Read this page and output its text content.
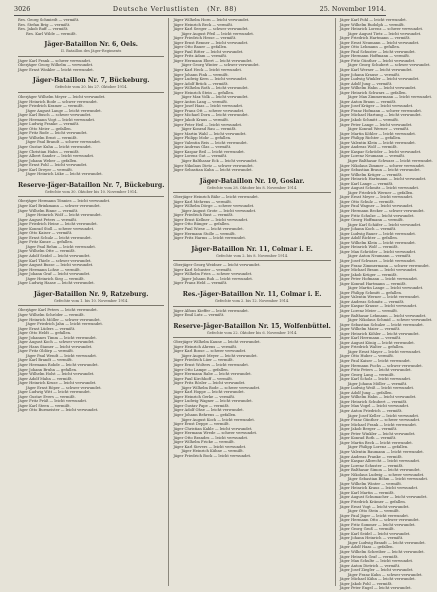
3026	Deutsche Verlustlisten (Nr. 88)	25. November 1914.
Res. Georg Schmiedt — vermißt.
Res. Stefan Brig — vermißt.
Res. Jakob Ruff — vermißt.
Res. Karl Wilde — vermißt.
Jäger-Bataillon Nr. 6, Oels.
II. Bataillon des Jäger-Regiments
Jäger Karl Frank — schwer verwundet.
Oberjäger Georg Wilhelm — verwundet.
Jäger Ernst Winkler — leicht verwundet.
Jäger-Bataillon Nr. 7, Bückeburg.
Gefechte vom 20. bis 27. Oktober 1914.
Oberjäger Wilhelm Meyer — leicht verwundet.
Jäger Heinrich Bode — schwer verwundet.
Jäger Friedrich Kramer — vermißt.
Jäger August Lange — leicht verwundet.
Jäger Karl Busch — schwer verwundet.
Jäger Hermann Vogt — leicht verwundet.
Jäger Ludwig Franke — vermißt.
Jäger Otto Meier — gefallen.
Jäger Fritz Rode — leicht verwundet.
Jäger Wilhelm Ernst — vermißt.
Jäger Paul Brandt — schwer verwundet.
Jäger Gustav Kuhn — leicht verwundet.
Jäger Christian Hahn — vermißt.
Jäger Albert Sander — leicht verwundet.
Jäger Johann Weber — gefallen.
Jäger Ernst Pohl — leicht verwundet.
Jäger Karl Dreyer — vermißt.
Jäger Heinrich Lüke — leicht verwundet.
Reserve-Jäger-Bataillon Nr. 7, Bückeburg.
Gefechte vom 30. Oktober bis 10. November 1914.
Oberjäger Hermann Tönnies — leicht verwundet.
Jäger Karl Brinkmann — schwer verwundet.
Jäger Wilhelm Rinne — vermißt.
Jäger Heinrich Wolf — leicht verwundet.
Jäger August Peters — vermißt.
Jäger Friedrich Heine — leicht verwundet.
Jäger Konrad Stoll — schwer verwundet.
Jäger Otto Kaiser — vermißt.
Jäger Ernst Schulz — leicht verwundet.
Jäger Fritz Kunze — gefallen.
Jäger Paul Rehm — leicht verwundet.
Jäger Wilhelm Otte — vermißt.
Jäger Adolf Seidel — leicht verwundet.
Jäger Karl Thiele — schwer verwundet.
Jäger August Busse — leicht verwundet.
Jäger Hermann Lohse — vermißt.
Jäger Johann Graf — leicht verwundet.
Jäger Heinrich Sieg — vermißt.
Jäger Ludwig Haase — leicht verwundet.
Jäger-Bataillon Nr. 9, Ratzeburg.
Gefechte vom 1. bis 10. November 1914.
Oberjäger Karl Peters — leicht verwundet.
Jäger Wilhelm Schröder — vermißt.
Jäger Heinrich Möller — schwer verwundet.
Jäger Friedrich Jahn — leicht verwundet.
Jäger Ernst Lüders — vermißt.
Jäger Otto Heldt — gefallen.
Jäger Johannes Timm — leicht verwundet.
Jäger August Koch — schwer verwundet.
Jäger Hans Stamer — leicht verwundet.
Jäger Fritz Oldörp — vermißt.
Jäger Paul Wendt — leicht verwundet.
Jäger Karl Brandt — vermißt.
Jäger Hermann Rohde — leicht verwundet.
Jäger Johann Bruhn — gefallen.
Jäger Wilhelm Holst — leicht verwundet.
Jäger Adolf Mahn — vermißt.
Jäger Heinrich Kruse — leicht verwundet.
Jäger Ernst Röper — schwer verwundet.
Jäger Ludwig Witt — leicht verwundet.
Jäger Gustav Evers — vermißt.
Jäger Fritz Prüß — leicht verwundet.
Jäger Karl Steen — vermißt.
Jäger Otto Burmeister — leicht verwundet.
Jäger Wilhelm Horn — leicht verwundet.
Jäger Heinrich Beck — vermißt.
Jäger Karl Seeger — schwer verwundet.
Jäger August Pfeil — leicht verwundet.
Jäger Friedrich Hesse — vermißt.
Jäger Ernst Renner — leicht verwundet.
Jäger Otto Bauer — gefallen.
Jäger Paul Ritter — leicht verwundet.
Jäger Fritz Adam — vermißt.
Jäger Hermann Ebert — leicht verwundet.
Jäger Georg Winter — schwer verwundet.
Jäger Karl Heck — leicht verwundet.
Jäger Johann Fink — vermißt.
Jäger Ludwig Kern — leicht verwundet.
Jäger Adolf Brück — vermißt.
Jäger Wilhelm Roth — leicht verwundet.
Jäger Heinrich Stein — gefallen.
Jäger Max Volk — leicht verwundet.
Jäger Anton Lang — vermißt.
Jäger Josef Haas — leicht verwundet.
Jäger Franz Ott — schwer verwundet.
Jäger Michael Dorn — leicht verwundet.
Jäger Jakob Kraus — vermißt.
Jäger Peter Heil — leicht verwundet.
Jäger Konrad Rau — vermißt.
Jäger Martin Wahl — leicht verwundet.
Jäger Philipp Mohr — gefallen.
Jäger Valentin Reis — leicht verwundet.
Jäger Andreas Glas — vermißt.
Jäger Kaspar Beil — leicht verwundet.
Jäger Lorenz Gut — vermißt.
Jäger Balthasar Eck — leicht verwundet.
Jäger Nikolaus Dietz — schwer verwundet.
Jäger Sebastian Kuhn — leicht verwundet.
Jäger-Bataillon Nr. 10, Goslar.
Gefechte vom 28. Oktober bis 8. November 1914.
Oberjäger Heinrich Bähr — leicht verwundet.
Jäger Karl Mehrens — vermißt.
Jäger Wilhelm Dörge — schwer verwundet.
Jäger August Grote — leicht verwundet.
Jäger Friedrich Rust — vermißt.
Jäger Ernst Kellner — leicht verwundet.
Jäger Otto Bünger — gefallen.
Jäger Paul Wiese — leicht verwundet.
Jäger Hermann Stolle — vermißt.
Jäger Fritz Harms — leicht verwundet.
Jäger-Bataillon Nr. 11, Colmar i. E.
Gefechte vom 2. bis 8. November 1914.
Oberjäger Georg Weidner — leicht verwundet.
Jäger Karl Schuster — vermißt.
Jäger Wilhelm Fries — schwer verwundet.
Jäger Johann Ruh — leicht verwundet.
Jäger Franz Held — vermißt.
Res.-Jäger-Bataillon Nr. 11, Colmar i. E.
Gefechte vom 2. bis 12. November 1914.
Jäger Alfons Kieffer — leicht verwundet.
Jäger Emil Lutz — vermißt.
Reserve-Jäger-Bataillon Nr. 15, Wolfenbüttel.
Gefechte vom 22. Oktober bis 6. November 1914.
Oberjäger Wilhelm Kaune — leicht verwundet.
Jäger Heinrich Ahrens — vermißt.
Jäger Karl Bosse — schwer verwundet.
Jäger August Meyer — leicht verwundet.
Jäger Friedrich Lüer — vermißt.
Jäger Ernst Wolters — leicht verwundet.
Jäger Otto Lampe — gefallen.
Jäger Hermann Rabe — leicht verwundet.
Jäger Paul Kirchhoff — vermißt.
Jäger Fritz Rösler — leicht verwundet.
Jäger Wilhelm Bode — schwer verwundet.
Jäger Karl Hoppe — leicht verwundet.
Jäger Heinrich Gerke — vermißt.
Jäger Ludwig Wagner — leicht verwundet.
Jäger Gustav Pape — vermißt.
Jäger Adolf Ohse — leicht verwundet.
Jäger Johann Behrens — gefallen.
Jäger August Koch — leicht verwundet.
Jäger Ernst Deppe — vermißt.
Jäger Christian Kahle — leicht verwundet.
Jäger Hermann Wrede — schwer verwundet.
Jäger Otto Brandes — leicht verwundet.
Jäger Wilhelm Fricke — vermißt.
Jäger Karl Sievers — leicht verwundet.
Jäger Heinrich Kühne — vermißt.
Jäger Friedrich Bock — leicht verwundet.
Jäger Karl Pohl — leicht verwundet.
Jäger Wilhelm Rudolph — vermißt.
Jäger Heinrich Lorenz — schwer verwundet.
Jäger August Tietz — leicht verwundet.
Jäger Friedrich Hartmann — vermißt.
Jäger Ernst Neumann — leicht verwundet.
Jäger Otto Lehmann — gefallen.
Jäger Paul Schuster — leicht verwundet.
Jäger Hermann Hoffmann — vermißt.
Jäger Fritz Günther — leicht verwundet.
Jäger Georg Schubert — schwer verwundet.
Jäger Karl Werner — leicht verwundet.
Jäger Johann Krause — vermißt.
Jäger Ludwig Winkler — leicht verwundet.
Jäger Adolf Jung — vermißt.
Jäger Wilhelm Hahn — leicht verwundet.
Jäger Heinrich Schwarz — gefallen.
Jäger Max Zimmermann — leicht verwundet.
Jäger Anton Braun — vermißt.
Jäger Josef Krüger — leicht verwundet.
Jäger Franz Hofmann — schwer verwundet.
Jäger Michael Hartung — leicht verwundet.
Jäger Jakob Schmitt — vermißt.
Jäger Peter Lange — leicht verwundet.
Jäger Konrad Werner — vermißt.
Jäger Martin Köhler — leicht verwundet.
Jäger Philipp Richter — gefallen.
Jäger Valentin Klein — leicht verwundet.
Jäger Andreas Wolf — vermißt.
Jäger Kaspar Schröder — leicht verwundet.
Jäger Lorenz Neumann — vermißt.
Jäger Balthasar Schwarz — leicht verwundet.
Jäger Nikolaus Zimmer — schwer verwundet.
Jäger Sebastian Braun — leicht verwundet.
Jäger Wilhelm Krüger — vermißt.
Jäger Heinrich Hartmann — leicht verwundet.
Jäger Karl Lange — vermißt.
Jäger August Schmitz — leicht verwundet.
Jäger Friedrich Werner — gefallen.
Jäger Ernst Meyer — leicht verwundet.
Jäger Otto Schulz — vermißt.
Jäger Paul Wagner — leicht verwundet.
Jäger Hermann Becker — schwer verwundet.
Jäger Fritz Schulze — leicht verwundet.
Jäger Georg Hoffmann — vermißt.
Jäger Karl Schäfer — leicht verwundet.
Jäger Johann Koch — vermißt.
Jäger Ludwig Bauer — leicht verwundet.
Jäger Adolf Richter — gefallen.
Jäger Wilhelm Klein — leicht verwundet.
Jäger Heinrich Wolf — vermißt.
Jäger Max Schröder — leicht verwundet.
Jäger Anton Neumann — vermißt.
Jäger Josef Schwarz — leicht verwundet.
Jäger Franz Zimmermann — schwer verwundet.
Jäger Michael Braun — leicht verwundet.
Jäger Jakob Krüger — vermißt.
Jäger Peter Hofmann — leicht verwundet.
Jäger Konrad Hartmann — vermißt.
Jäger Martin Lange — leicht verwundet.
Jäger Philipp Schmitt — gefallen.
Jäger Valentin Werner — leicht verwundet.
Jäger Andreas Schmitz — vermißt.
Jäger Kaspar Krause — leicht verwundet.
Jäger Lorenz Meier — vermißt.
Jäger Balthasar Lehmann — leicht verwundet.
Jäger Nikolaus Schmid — schwer verwundet.
Jäger Sebastian Schulze — leicht verwundet.
Jäger Wilhelm Maier — vermißt.
Jäger Heinrich Köhler — leicht verwundet.
Jäger Karl Herrmann — vermißt.
Jäger August König — leicht verwundet.
Jäger Friedrich Walter — gefallen.
Jäger Ernst Mayer — leicht verwundet.
Jäger Otto Huber — vermißt.
Jäger Paul Kaiser — leicht verwundet.
Jäger Hermann Fuchs — schwer verwundet.
Jäger Fritz Peters — leicht verwundet.
Jäger Georg Lang — vermißt.
Jäger Karl Scholz — leicht verwundet.
Jäger Johann Möller — vermißt.
Jäger Ludwig Weiß — leicht verwundet.
Jäger Adolf Jung — gefallen.
Jäger Wilhelm Hahn — leicht verwundet.
Jäger Heinrich Schubert — vermißt.
Jäger Max Vogel — leicht verwundet.
Jäger Anton Friedrich — vermißt.
Jäger Josef Keller — leicht verwundet.
Jäger Franz Günther — schwer verwundet.
Jäger Michael Frank — leicht verwundet.
Jäger Jakob Berger — vermißt.
Jäger Peter Winkler — leicht verwundet.
Jäger Konrad Roth — vermißt.
Jäger Martin Beck — leicht verwundet.
Jäger Philipp Lorenz — gefallen.
Jäger Valentin Baumann — leicht verwundet.
Jäger Andreas Franke — vermißt.
Jäger Kaspar Albrecht — leicht verwundet.
Jäger Lorenz Schuster — vermißt.
Jäger Balthasar Simon — leicht verwundet.
Jäger Nikolaus Ludwig — schwer verwundet.
Jäger Sebastian Böhm — leicht verwundet.
Jäger Wilhelm Winter — vermißt.
Jäger Heinrich Kraus — leicht verwundet.
Jäger Karl Martin — vermißt.
Jäger August Schumacher — leicht verwundet.
Jäger Friedrich Krämer — gefallen.
Jäger Ernst Vogt — leicht verwundet.
Jäger Otto Stein — vermißt.
Jäger Paul Jäger — leicht verwundet.
Jäger Hermann Otto — schwer verwundet.
Jäger Fritz Sommer — leicht verwundet.
Jäger Georg Groß — vermißt.
Jäger Karl Seidel — leicht verwundet.
Jäger Johann Heinrich — vermißt.
Jäger Ludwig Brandt — leicht verwundet.
Jäger Adolf Haas — gefallen.
Jäger Wilhelm Schreiber — leicht verwundet.
Jäger Heinrich Graf — vermißt.
Jäger Max Schulte — leicht verwundet.
Jäger Anton Dietrich — vermißt.
Jäger Josef Ziegler — leicht verwundet.
Jäger Franz Kuhn — schwer verwundet.
Jäger Michael Kühn — leicht verwundet.
Jäger Jakob Pohl — vermißt.
Jäger Peter Engel — leicht verwundet.
